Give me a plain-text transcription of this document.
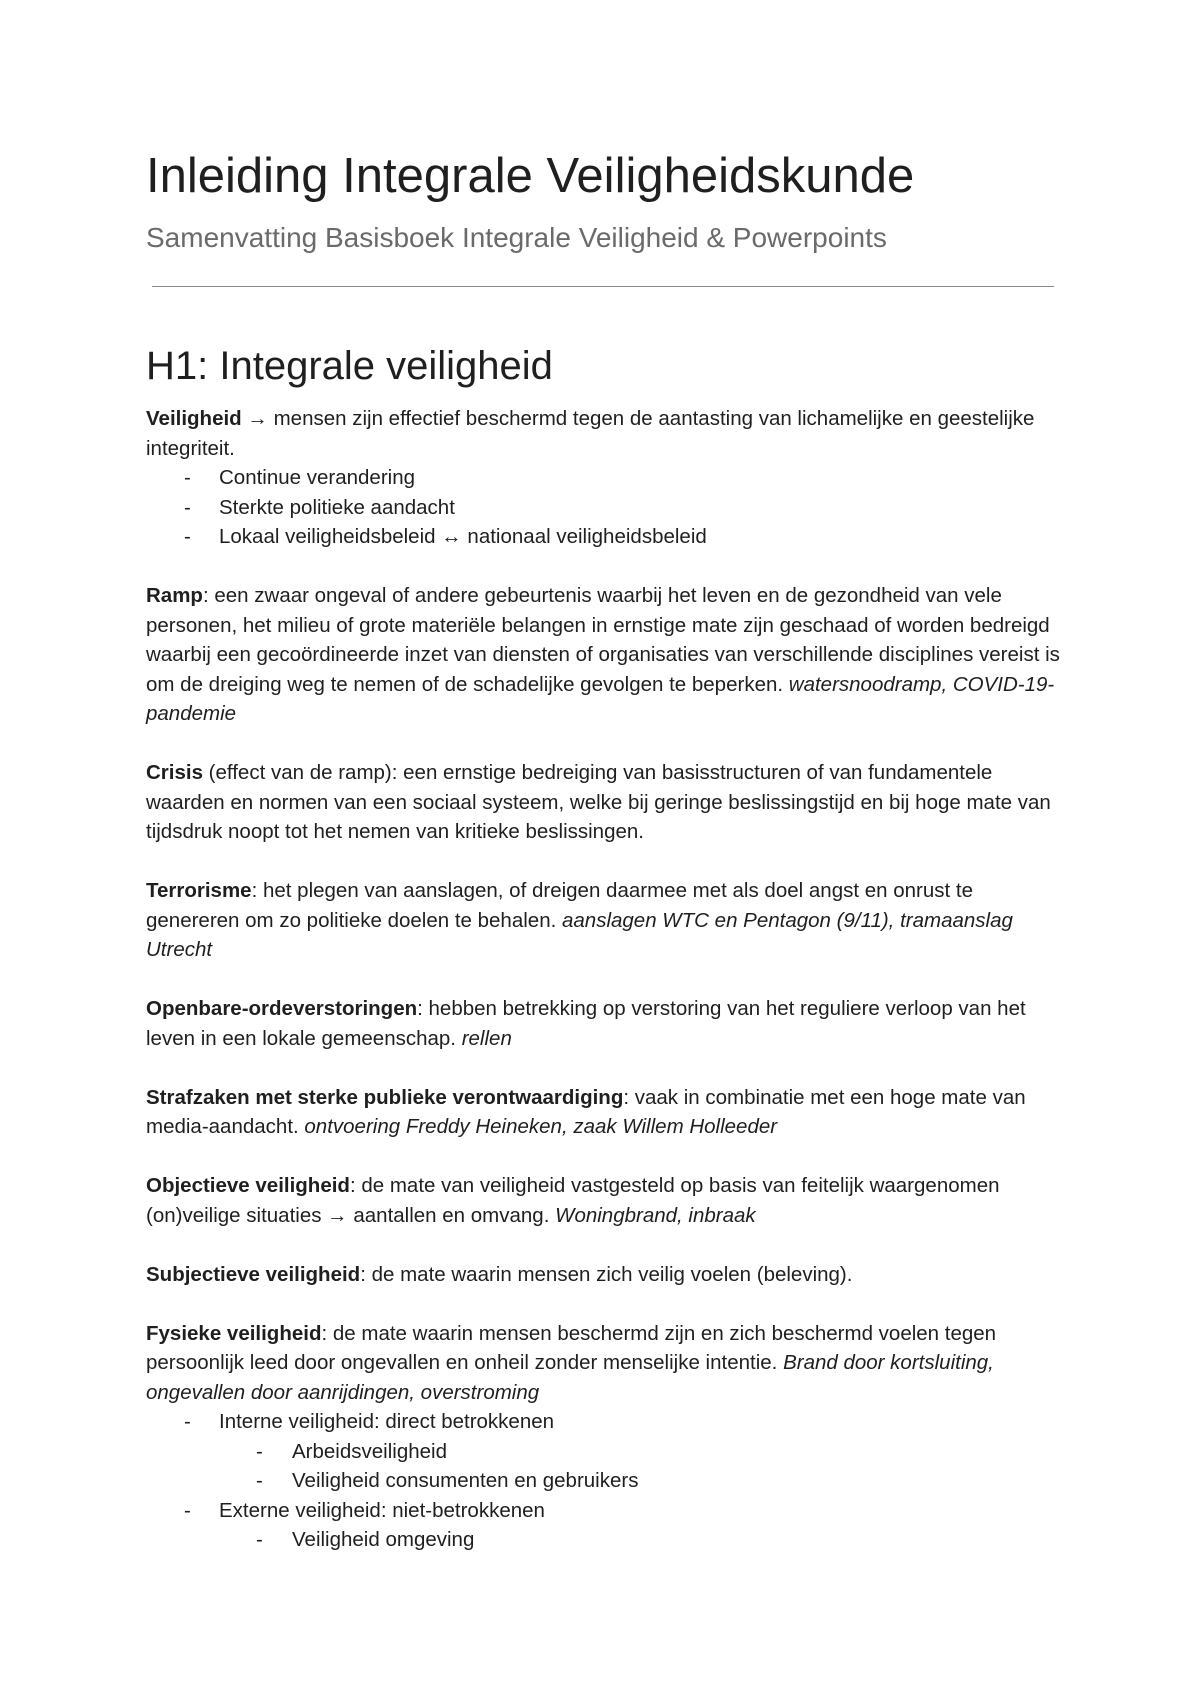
Inleiding Integrale Veiligheidskunde
Samenvatting Basisboek Integrale Veiligheid & Powerpoints
H1: Integrale veiligheid

Veiligheid → mensen zijn effectief beschermd tegen de aantasting van lichamelijke en geestelijke integriteit.

- Continue verandering
- Sterkte politieke aandacht
- Lokaal veiligheidsbeleid ↔ nationaal veiligheidsbeleid

Ramp: een zwaar ongeval of andere gebeurtenis waarbij het leven en de gezondheid van vele personen, het milieu of grote materiële belangen in ernstige mate zijn geschaad of worden bedreigd waarbij een gecoördineerde inzet van diensten of organisaties van verschillende disciplines vereist is om de dreiging weg te nemen of de schadelijke gevolgen te beperken. watersnoodramp, COVID-19-pandemie

Crisis (effect van de ramp): een ernstige bedreiging van basisstructuren of van fundamentele waarden en normen van een sociaal systeem, welke bij geringe beslissingstijd en bij hoge mate van tijdsdruk noopt tot het nemen van kritieke beslissingen.

Terrorisme: het plegen van aanslagen, of dreigen daarmee met als doel angst en onrust te genereren om zo politieke doelen te behalen. aanslagen WTC en Pentagon (9/11), tramaanslag Utrecht

Openbare-ordeverstoringen: hebben betrekking op verstoring van het reguliere verloop van het leven in een lokale gemeenschap. rellen

Strafzaken met sterke publieke verontwaardiging: vaak in combinatie met een hoge mate van media-aandacht. ontvoering Freddy Heineken, zaak Willem Holleeder

Objectieve veiligheid: de mate van veiligheid vastgesteld op basis van feitelijk waargenomen (on)veilige situaties → aantallen en omvang. Woningbrand, inbraak

Subjectieve veiligheid: de mate waarin mensen zich veilig voelen (beleving).

Fysieke veiligheid: de mate waarin mensen beschermd zijn en zich beschermd voelen tegen persoonlijk leed door ongevallen en onheil zonder menselijke intentie. Brand door kortsluiting, ongevallen door aanrijdingen, overstroming

- Interne veiligheid: direct betrokkenen
- Arbeidsveiligheid
- Veiligheid consumenten en gebruikers
- Externe veiligheid: niet-betrokkenen
- Veiligheid omgeving
